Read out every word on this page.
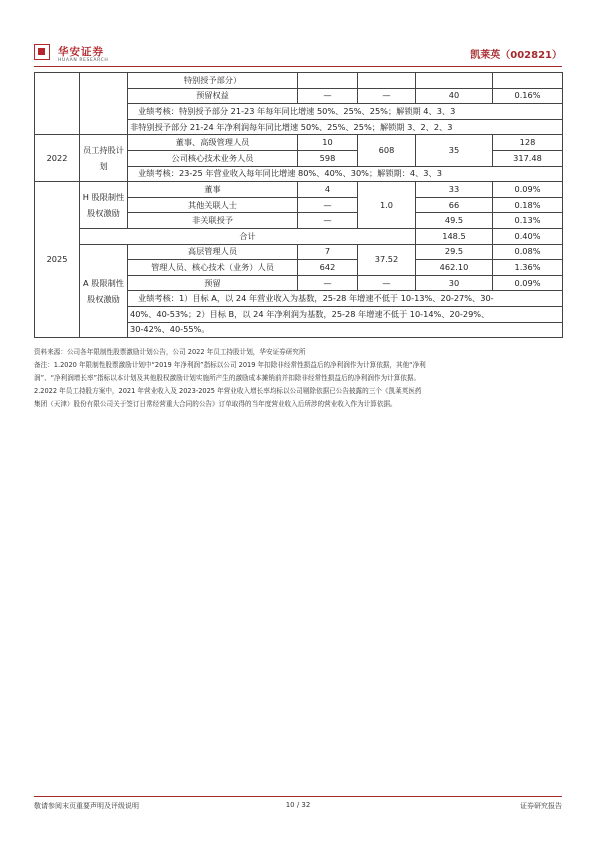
华安证券
HUAAN RESEARCH	凯莱英（002821）
		特别授予部分）					
		预留权益	—	—	40	0.16%	
		业绩考核：特别授予部分 21-23 年每年同比增速 50%、25%、25%；解锁期 4、3、3					
		非特别授予部分 21-24 年净利润每年同比增速 50%、25%、25%；解锁期 3、2、2、3					
2022	员工持股计划	董事、高级管理人员	10	608	35	128	
		公司核心技术业务人员	598			317.48	
		业绩考核：23-25 年营业收入每年同比增速 80%、40%、30%；解锁期：4、3、3					
2025	H 股限制性股权激励	董事	4	1.0	33	0.09%	
		其他关联人士	—		66	0.18%	
		非关联授予	—		49.5	0.13%	
	合计				148.5	0.40%	
	A 股限制性股权激励	高层管理人员	7	37.52	29.5	0.08%	
		管理人员、核心技术（业务）人员	642		462.10	1.36%	
		预留	—	—	30	0.09%	
		业绩考核：1）目标 A，以 24 年营业收入为基数，25-28 年增速不低于 10-13%、20-27%、30-					
		40%、40-53%；2）目标 B，以 24 年净利润为基数，25-28 年增速不低于 10-14%、20-29%、					
		30-42%、40-55%。					
资料来源：公司各年限制性股票激励计划公告，公司 2022 年员工持股计划，华安证券研究所
备注：1.2020 年限制性股票激励计划中“2019 年净利润”指标以公司 2019 年扣除非经常性损益后的净利润作为计算依据，其他“净利
润”、“净利润增长率”指标以本计划及其他股权激励计划实施所产生的激励成本摊销前并扣除非经常性损益后的净利润作为计算依据。
2.2022 年员工持股方案中，2021 年营业收入及 2023-2025 年营业收入增长率均标以公司剔除依据已公告披露的三个《凯莱英医药
集团（天津）股份有限公司关于签订日常经营重大合同的公告》订单取得的当年度营业收入后所涉的营业收入作为计算依据。
敬请参阅末页重要声明及评级说明	10 / 32	证券研究报告
